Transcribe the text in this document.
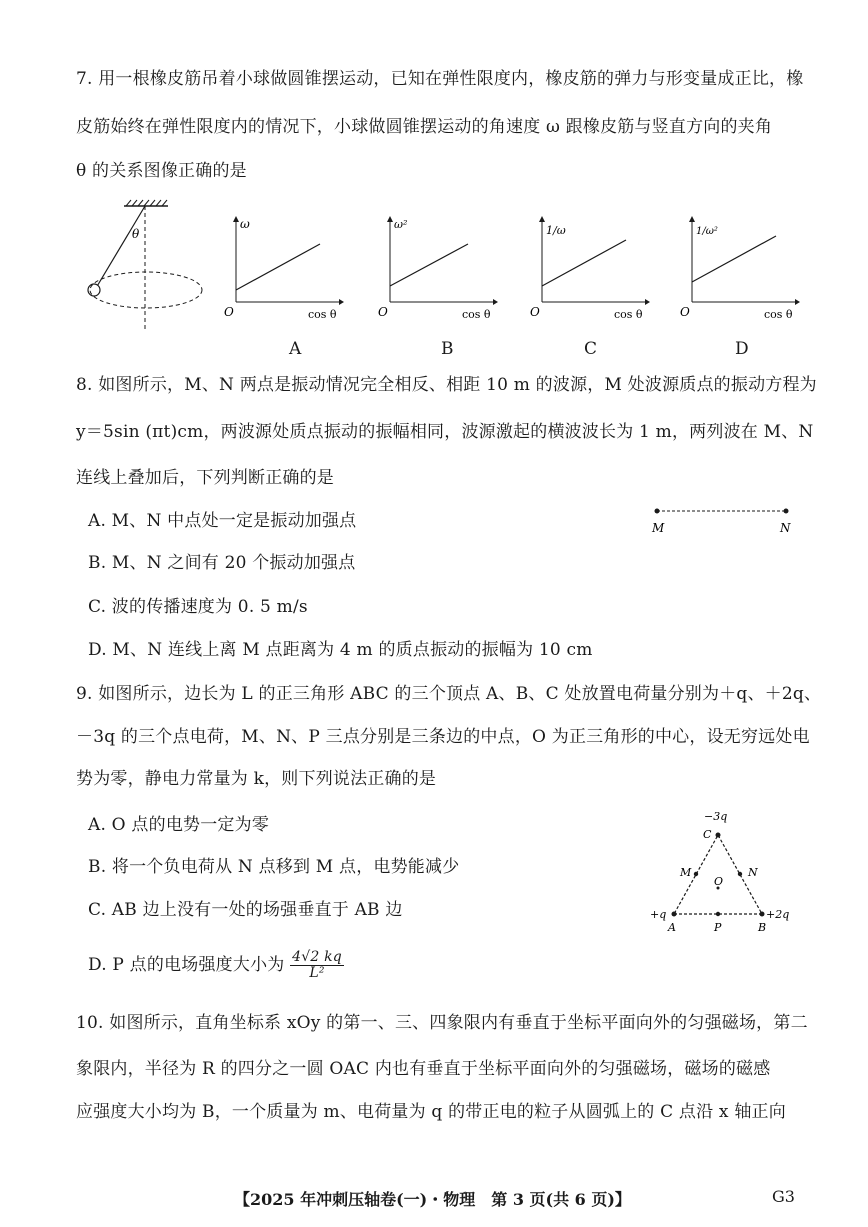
7. 用一根橡皮筋吊着小球做圆锥摆运动，已知在弹性限度内，橡皮筋的弹力与形变量成正比，橡
皮筋始终在弹性限度内的情况下，小球做圆锥摆运动的角速度 ω 跟橡皮筋与竖直方向的夹角
θ 的关系图像正确的是
θ
ω
cos θ
O
A
ω²
cos θ
O
B
1/ω
cos θ
O
C
1/ω²
cos θ
O
D
8. 如图所示，M、N 两点是振动情况完全相反、相距 10 m 的波源，M 处波源质点的振动方程为
y＝5sin (πt)cm，两波源处质点振动的振幅相同，波源激起的横波波长为 1 m，两列波在 M、N
连线上叠加后，下列判断正确的是
A. M、N 中点处一定是振动加强点
B. M、N 之间有 20 个振动加强点
C. 波的传播速度为 0. 5 m/s
D. M、N 连线上离 M 点距离为 4 m 的质点振动的振幅为 10 cm
M	N
9. 如图所示，边长为 L 的正三角形 ABC 的三个顶点 A、B、C 处放置电荷量分别为＋q、＋2q、
－3q 的三个点电荷，M、N、P 三点分别是三条边的中点，O 为正三角形的中心，设无穷远处电
势为零，静电力常量为 k，则下列说法正确的是
A. O 点的电势一定为零
B. 将一个负电荷从 N 点移到 M 点，电势能减少
C. AB 边上没有一处的场强垂直于 AB 边
D. P 点的电场强度大小为 $\frac{4√2 kq}{\text{L²}}$
−3q
C
+q
A
+2q
B
M	N
O
P
10. 如图所示，直角坐标系 xOy 的第一、三、四象限内有垂直于坐标平面向外的匀强磁场，第二
象限内，半径为 R 的四分之一圆 OAC 内也有垂直于坐标平面向外的匀强磁场，磁场的磁感
应强度大小均为 B，一个质量为 m、电荷量为 q 的带正电的粒子从圆弧上的 C 点沿 x 轴正向
【2025 年冲刺压轴卷(一)・物理　第 3 页(共 6 页)】	G3
